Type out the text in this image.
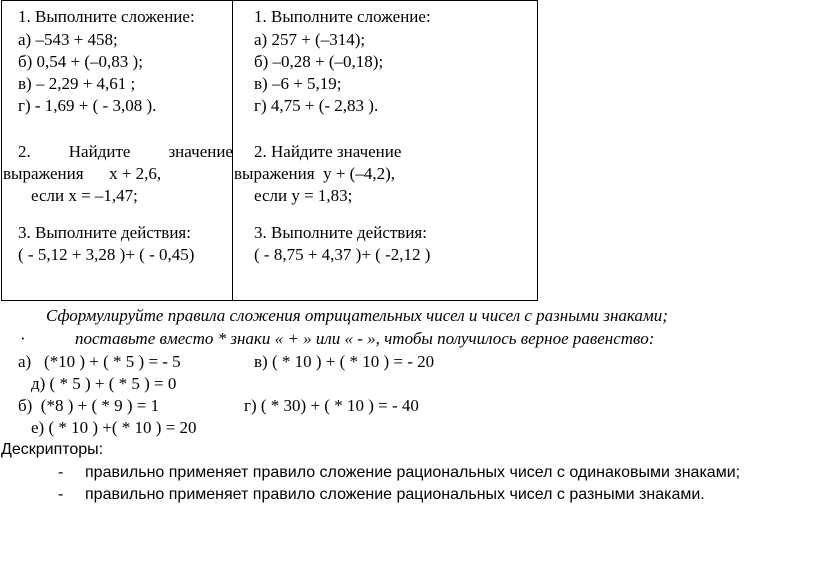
1. Выполните сложение:
а) –543 + 458;
б) 0,54 + (–0,83 );
в) – 2,29 + 4,61 ;
г) - 1,69 + ( - 3,08 ).
2. Найдите значение
выражения      x + 2,6,
если x = –1,47;
3. Выполните действия:
( - 5,12 + 3,28 )+ ( - 0,45)
1. Выполните сложение:
а) 257 + (–314);
б) –0,28 + (–0,18);
в) –6 + 5,19;
г) 4,75 + (- 2,83 ).
2. Найдите значение
выражения  y + (–4,2),
если y = 1,83;
3. Выполните действия:
( - 8,75 + 4,37 )+ ( -2,12 )
Сформулируйте правила сложения отрицательных чисел и чисел с разными знаками;
·	поставьте вместо * знаки « + » или « - », чтобы получилось верное равенство:
а)   (*10 ) + ( * 5 ) = - 5	в) ( * 10 ) + ( * 10 ) = - 20
д) ( * 5 ) + ( * 5 ) = 0
б)  (*8 ) + ( * 9 ) = 1	г) ( * 30) + ( * 10 ) = - 40
е) ( * 10 ) +( * 10 ) = 20
Дескрипторы:
- правильно применяет правило сложение рациональных чисел с одинаковыми знаками;
- правильно применяет правило сложение рациональных чисел с разными знаками.
